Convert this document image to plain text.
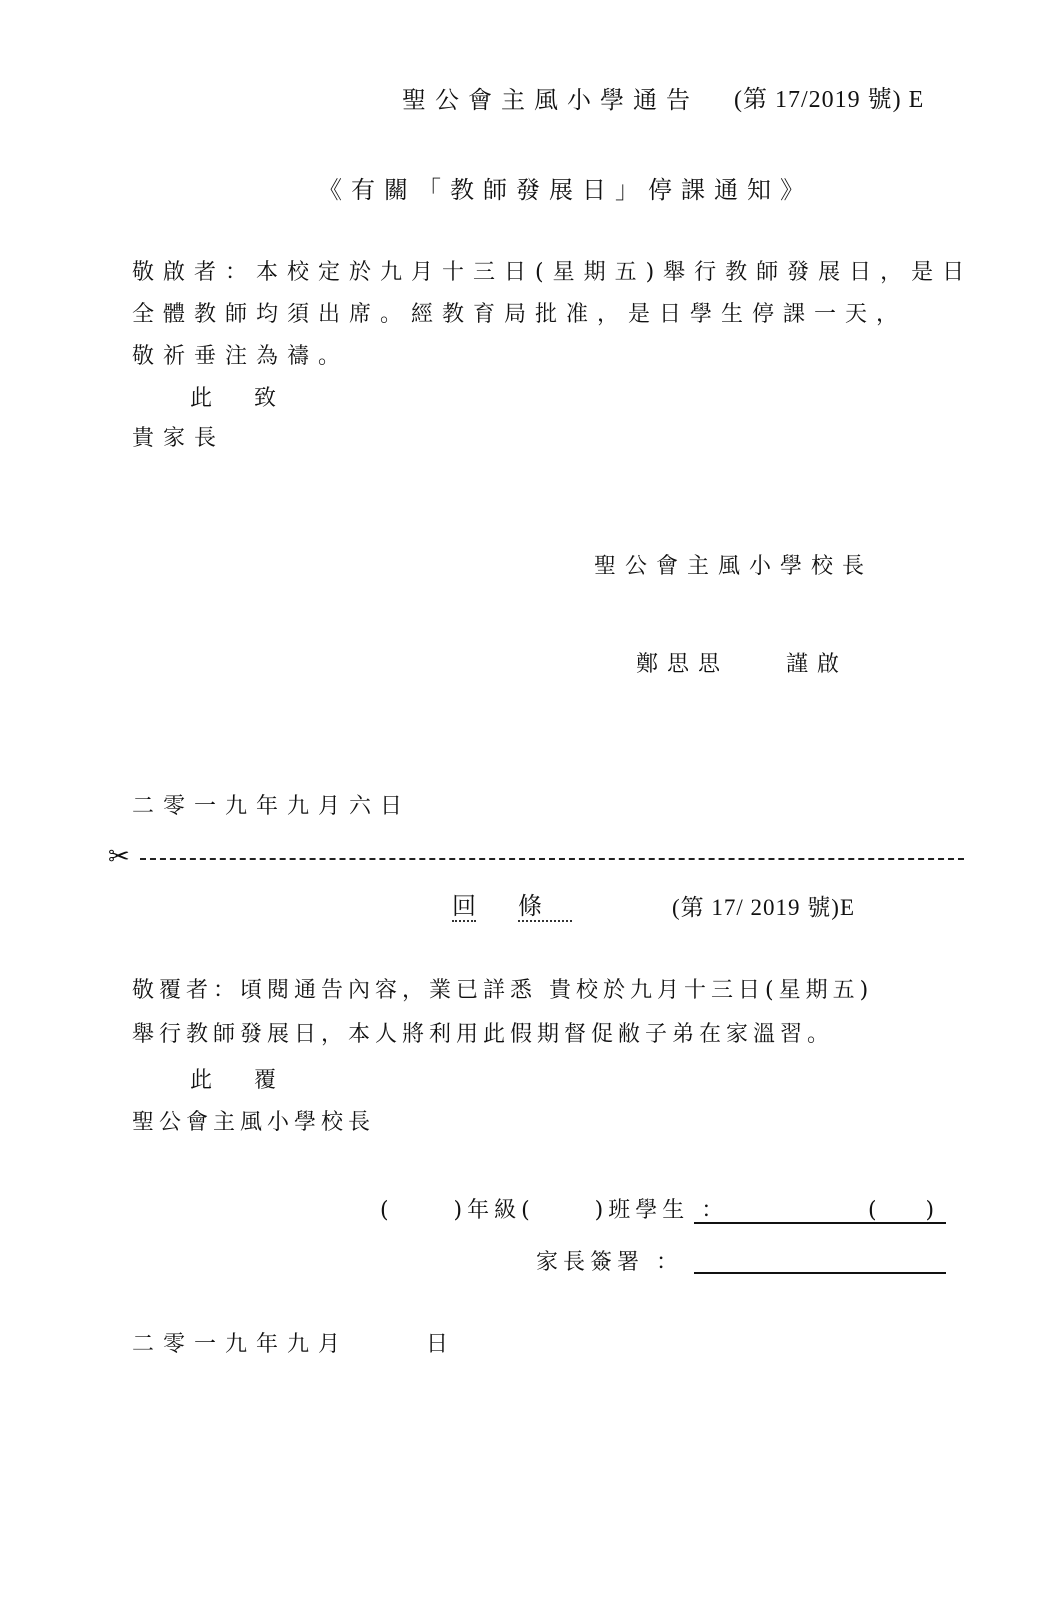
聖公會主風小學通告 (第 17/2019 號) E
《有關「教師發展日」停課通知》
敬啟者：本校定於九月十三日(星期五)舉行教師發展日，是日
全體教師均須出席。經教育局批准，是日學生停課一天，
敬祈垂注為禱。
此 致
貴家長
聖公會主風小學校長
鄭思思	謹啟
二零一九年九月六日
✂
回 條	(第 17/ 2019 號)E
敬覆者：頃閱通告內容，業已詳悉 貴校於九月十三日(星期五)
舉行教師發展日，本人將利用此假期督促敝子弟在家溫習。
此 覆
聖公會主風小學校長
(     )年級(     )班學生 ：	(       )
家長簽署 ：
二零一九年九月	日
